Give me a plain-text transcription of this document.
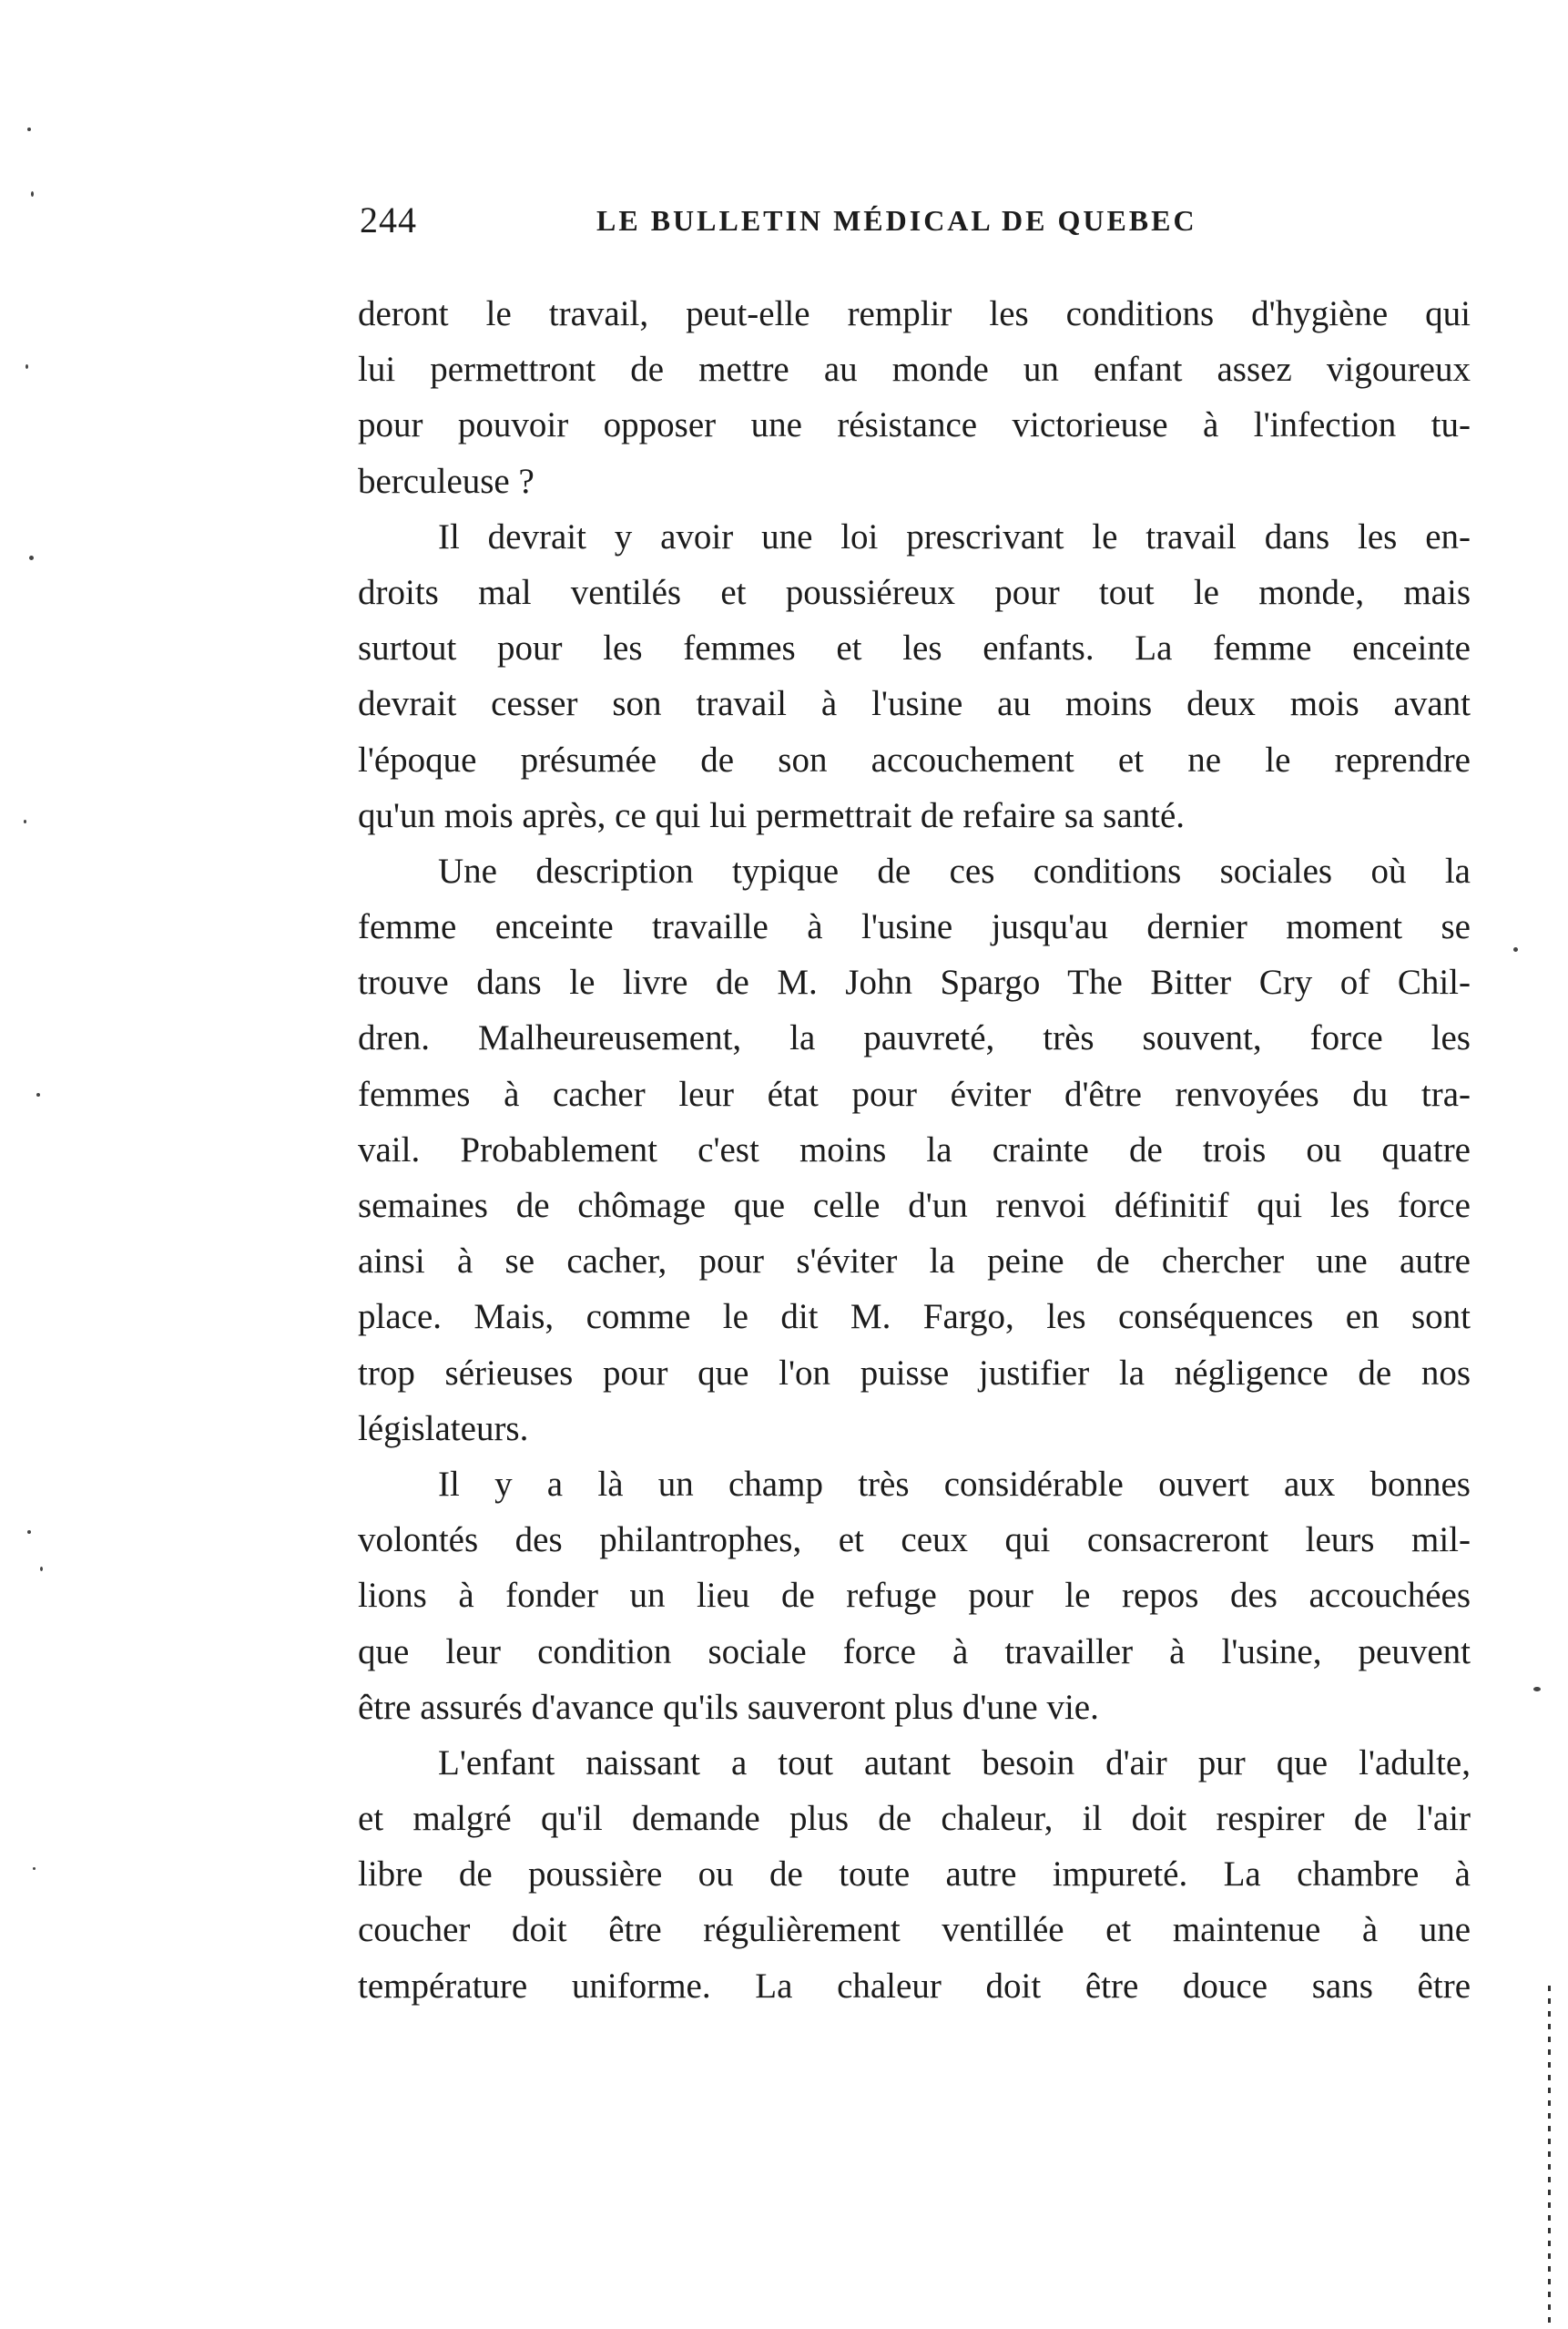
244	LE BULLETIN MÉDICAL DE QUEBEC
deront le travail, peut-elle remplir les conditions d'hygiène qui
lui permettront de mettre au monde un enfant assez vigoureux
pour pouvoir opposer une résistance victorieuse à l'infection tu-
berculeuse ?
Il devrait y avoir une loi prescrivant le travail dans les en-
droits mal ventilés et poussiéreux pour tout le monde, mais
surtout pour les femmes et les enfants. La femme enceinte
devrait cesser son travail à l'usine au moins deux mois avant
l'époque présumée de son accouchement et ne le reprendre
qu'un mois après, ce qui lui permettrait de refaire sa santé.
Une description typique de ces conditions sociales où la
femme enceinte travaille à l'usine jusqu'au dernier moment se
trouve dans le livre de M. John Spargo The Bitter Cry of Chil-
dren. Malheureusement, la pauvreté, très souvent, force les
femmes à cacher leur état pour éviter d'être renvoyées du tra-
vail. Probablement c'est moins la crainte de trois ou quatre
semaines de chômage que celle d'un renvoi définitif qui les force
ainsi à se cacher, pour s'éviter la peine de chercher une autre
place. Mais, comme le dit M. Fargo, les conséquences en sont
trop sérieuses pour que l'on puisse justifier la négligence de nos
législateurs.
Il y a là un champ très considérable ouvert aux bonnes
volontés des philantrophes, et ceux qui consacreront leurs mil-
lions à fonder un lieu de refuge pour le repos des accouchées
que leur condition sociale force à travailler à l'usine, peuvent
être assurés d'avance qu'ils sauveront plus d'une vie.
L'enfant naissant a tout autant besoin d'air pur que l'adulte,
et malgré qu'il demande plus de chaleur, il doit respirer de l'air
libre de poussière ou de toute autre impureté. La chambre à
coucher doit être régulièrement ventillée et maintenue à une
température uniforme. La chaleur doit être douce sans être
